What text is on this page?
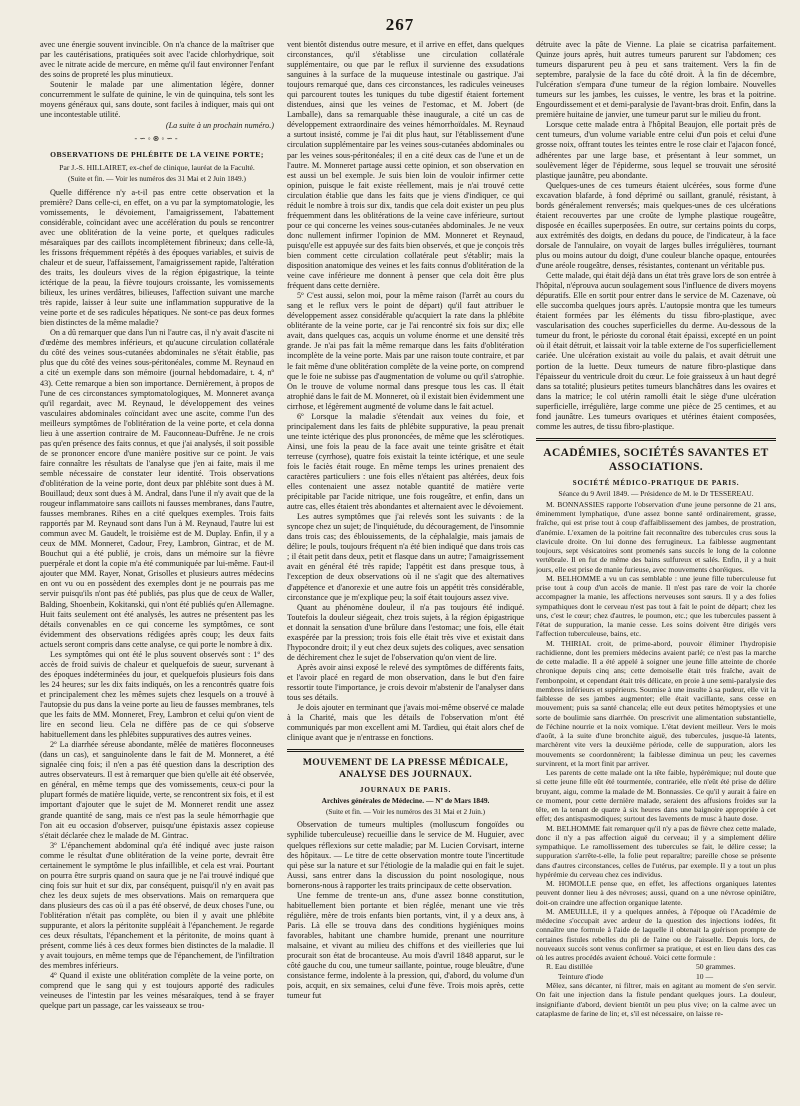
267

avec une énergie souvent invincible. On n'a chance de la maîtriser que par les cautérisations, pratiquées soit avec l'acide chlorhydrique, soit avec le nitrate acide de mercure, en même qu'il faut environner l'enfant des soins de propreté les plus minutieux.

Soutenir le malade par une alimentation légère, donner concurremment le sulfate de quinine, le vin de quinquina, tels sont les moyens généraux qui, sans doute, sont faciles à indiquer, mais qui ont une incontestable utilité.

(La suite à un prochain numéro.)
-∽◦⊛◦∽-
OBSERVATIONS DE PHLÉBITE DE LA VEINE PORTE;
Par J.-S. HILLAIRET, ex-chef de clinique, lauréat de la Faculté.
(Suite et fin. — Voir les numéros des 31 Mai et 2 Juin 1849.)

Quelle différence n'y a-t-il pas entre cette observation et la première? Dans celle-ci, en effet, on a vu par la symptomatologie, les vomissements, le dévoiement, l'amaigrissement, l'abattement considérable, coïncidant avec une accélération du pouls se rencontrer avec une oblitération de la veine porte, et quelques radicules mésaraïques par des caillots incomplètement fibrineux; dans celle-là, les frissons fréquemment répétés à des époques variables, et suivis de chaleur et de sueur, l'affaissement, l'amaigrissement rapide, l'altération des traits, les douleurs vives de la région épigastrique, la teinte ictérique de la peau, la fièvre toujours croissante, les vomissements bilieux, les urines verdâtres, bilieuses, l'affection suivant une marche très rapide, laisser à leur suite une inflammation suppurative de la veine porte et de ses radicules hépatiques. Ne sont-ce pas deux formes bien distinctes de la même maladie?

On a dû remarquer que dans l'un ni l'autre cas, il n'y avait d'ascite ni d'œdème des membres inférieurs, et qu'aucune circulation collatérale du côté des veines sous-cutanées abdominales ne s'était établie, pas plus que du côté des veines sous-péritonéales, comme M. Reynaud en a cité un exemple dans son mémoire (journal hebdomadaire, t. 4, nº 43). Cette remarque a bien son importance. Dernièrement, à propos de l'une de ces circonstances symptomatologiques, M. Monneret avança qu'il regardait, avec M. Reynaud, le développement des veines vasculaires abdominales coïncidant avec une ascite, comme l'un des meilleurs symptômes de l'oblitération de la veine porte, et cela donna lieu à une assertion contraire de M. Fauconneau-Dufrêne. Je ne crois pas qu'en présence des faits connus, et que j'ai analysés, il soit possible de se prononcer encore d'une manière positive sur ce point. Je vais faire connaître les résultats de l'analyse que j'en ai faite, mais il me semble nécessaire de constater leur identité. Trois observations d'oblitération de la veine porte, dont deux par phlébite sont dues à M. Bouillaud; deux sont dues à M. Andral, dans l'une il n'y avait que de la rougeur inflammatoire sans caillots ni fausses membranes, dans l'autre, fausses membranes. Rihes en a cité quelques exemples. Trois faits rapportés par M. Reynaud sont dans l'un à M. Reynaud, l'autre lui est commun avec M. Gaudelt, le troisième est de M. Duplay. Enfin, il y a ceux de MM. Monneret, Cadour, Frey, Lambron, Gintrac, et de M. Bouchut qui a été publié, je crois, dans un mémoire sur la fièvre puerpérale et dont la copie m'a été communiquée par lui-même. Faut-il ajouter que MM. Rayer, Nonat, Grisolles et plusieurs autres médecins en ont vu ou en possèdent des exemples dont je ne pourrais pas me servir puisqu'ils n'ont pas été publiés, pas plus que de ceux de Waller, Balding, Shoenbein, Kokitanski, qui n'ont été publiés qu'en Allemagne. Huit faits seulement ont été analysés, les autres ne présentent pas les détails convenables en ce qui concerne les symptômes, ce sont évidemment des observations rédigées après coup; les deux faits actuels seront compris dans cette analyse, ce qui porte le nombre à dix.

Les symptômes qui ont été le plus souvent observés sont : 1º des accès de froid suivis de chaleur et quelquefois de sueur, survenant à des époques indéterminées du jour, et quelquefois plusieurs fois dans les 24 heures; sur les dix faits indiqués, on les a rencontrés quatre fois et principalement chez les mêmes sujets chez lesquels on a trouvé à l'autopsie du pus dans la veine porte au lieu de fausses membranes, tels que les faits de MM. Monneret, Frey, Lambron et celui qu'on vient de lire en second lieu. Cela ne diffère pas de ce qui s'observe habituellement dans les phlébites suppuratives des autres veines.

2º La diarrhée séreuse abondante, mêlée de matières floconneuses (dans un cas), et sanguinolente dans le fait de M. Monneret, a été signalée cinq fois; il n'en a pas été question dans la description des autres observateurs. Il est à remarquer que bien qu'elle ait été observée, en général, en même temps que des vomissements, ceux-ci pour la plupart formés de matière liquide, verte, se rencontrent six fois, et il est important d'ajouter que le sujet de M. Monneret rendit une assez grande quantité de sang, mais ce n'est pas la seule hémorrhagie que l'on ait eu occasion d'observer, puisqu'une épistaxis assez copieuse s'était déclarée chez le malade de M. Gintrac.

3º L'épanchement abdominal qu'a été indiqué avec juste raison comme le résultat d'une oblitération de la veine porte, devrait être certainement le symptôme le plus infaillible, et cela est vrai. Pourtant on pourra être surpris quand on saura que je ne l'ai trouvé indiqué que cinq fois sur huit et sur dix, par conséquent, puisqu'il n'y en avait pas chez les deux sujets de mes observations. Mais on remarquera que dans plusieurs des cas où il a pas été observé, de deux choses l'une, ou l'oblitération n'était pas complète, ou bien il y avait une phlébite suppurante, et alors la péritonite suppléait à l'épanchement. Je regarde ces deux résultats, l'épanchement et la péritonite, de moins quant à présent, comme liés à ces deux formes bien distinctes de la maladie. Il y avait toujours, en même temps que de l'épanchement, de l'infiltration des membres inférieurs.

4º Quand il existe une oblitération complète de la veine porte, on comprend que le sang qui y est toujours apporté des radicules veineuses de l'intestin par les veines mésaraïques, tend à se frayer quelque part un passage, car les vaisseaux se trou-

vent bientôt distendus outre mesure, et il arrive en effet, dans quelques circonstances, qu'il s'établisse une circulation collatérale supplémentaire, ou que par le reflux il survienne des exsudations sanguines à la surface de la muqueuse intestinale ou gastrique. J'ai toujours remarqué que, dans ces circonstances, les radicules veineuses qui parcourent toutes les tuniques du tube digestif étaient fortement distendues, ainsi que les veines de l'estomac, et M. Jobert (de Lamballe), dans sa remarquable thèse inaugurale, a cité un cas de développement extraordinaire des veines hémorrhoïdales. M. Reynaud a surtout insisté, comme je l'ai dit plus haut, sur l'établissement d'une circulation supplémentaire par les veines sous-cutanées abdominales ou par les veines sous-péritonéales; il en a cité deux cas de l'une et un de l'autre. M. Monneret partage aussi cette opinion, et son observation en est aussi un bel exemple. Je suis bien loin de vouloir infirmer cette opinion, puisque le fait existe réellement, mais je n'ai trouvé cette circulation établie que dans les faits que je viens d'indiquer, ce qui réduit le nombre à trois sur dix, tandis que cela doit exister un peu plus fréquemment dans les oblitérations de la veine cave inférieure, surtout pour ce qui concerne les veines sous-cutanées abdominales. Je ne veux donc nullement infirmer l'opinion de MM. Monneret et Reynaud, puisqu'elle est appuyée sur des faits bien observés, et que je conçois très bien comment cette circulation collatérale peut s'établir; mais la disposition anatomique des veines et les faits connus d'oblitération de la veine cave inférieure me donnent à penser que cela doit être plus fréquent dans cette dernière.

5º C'est aussi, selon moi, pour la même raison (l'arrêt au cours du sang et le reflux vers le point de départ) qu'il faut attribuer le développement assez considérable qu'acquiert la rate dans la phlébite oblitérante de la veine porte, car je l'ai rencontré six fois sur dix; elle avait, dans quelques cas, acquis un volume énorme et une densité très grande. Je n'ai pas fait la même remarque dans les faits d'oblitération incomplète de la veine porte. Mais par une raison toute contraire, et par le fait même d'une oblitération complète de la veine porte, on comprend que le foie ne subisse pas d'augmentation de volume ou qu'il s'atrophie. On le trouve de volume normal dans presque tous les cas. Il était atrophié dans le fait de M. Monneret, où il existait bien évidemment une cirrhose, et légèrement augmenté de volume dans le fait actuel.

6º Lorsque la maladie s'étendait aux veines du foie, et principalement dans les faits de phlébite suppurative, la peau prenait une teinte ictérique des plus prononcées, de même que les sclérotiques. Ainsi, une fois la peau de la face avait une teinte grisâtre et était terreuse (cyrrhose), quatre fois existait la teinte ictérique, et une seule fois le faciès était rouge. En même temps les urines prenaient des caractères particuliers : une fois elles n'étaient pas altérées, deux fois elles contenaient une assez notable quantité de matière verte précipitable par l'acide nitrique, une fois rougeâtre, et enfin, dans un autre cas, elles étaient très abondantes et alternaient avec le dévoiement.

Les autres symptômes que j'ai relevés sont les suivants : de la syncope chez un sujet; de l'inquiétude, du découragement, de l'insomnie dans trois cas; des éblouissements, de la céphalalgie, mais jamais de délire; le pouls, toujours fréquent n'a été bien indiqué que dans trois cas ; il était petit dans deux, petit et flasque dans un autre; l'amaigrissement avait en général été très rapide; l'appétit est dans presque tous, à l'exception de deux observations où il ne s'agit que des alternatives d'appétence et d'anorexie et une autre fois un appétit très considérable, circonstance que je m'explique peu; la soif était toujours assez vive.

Quant au phénomène douleur, il n'a pas toujours été indiqué. Toutefois la douleur siégeait, chez trois sujets, à la région épigastrique et donnait la sensation d'une brûlure dans l'estomac; une fois, elle était exaspérée par la pression; trois fois elle était très vive et existait dans l'hypocondre droit; il y eut chez deux sujets des coliques, avec sensation de déchirement chez le sujet de l'observation qu'on vient de lire.

Après avoir ainsi exposé le relevé des symptômes de différents faits, et l'avoir placé en regard de mon observation, dans le but d'en faire ressortir toute l'importance, je crois devoir m'abstenir de l'analyser dans tous ses détails.

Je dois ajouter en terminant que j'avais moi-même observé ce malade à la Charité, mais que les détails de l'observation m'ont été communiqués par mon excellent ami M. Tardieu, qui était alors chef de clinique avant que je n'entrasse en fonctions.

MOUVEMENT DE LA PRESSE MÉDICALE, ANALYSE DES JOURNAUX.
JOURNAUX DE PARIS.
Archives générales de Médecine. — Nº de Mars 1849.
(Suite et fin. — Voir les numéros des 31 Mai et 2 Juin.)

Observation de tumeurs multiples (molluscum fongoïdes ou syphilide tuberculeuse) recueillie dans le service de M. Huguier, avec quelques réflexions sur cette maladie; par M. Lucien Corvisart, interne des hôpitaux. — Le titre de cette observation montre toute l'incertitude qui pèse sur la nature et sur l'étiologie de la maladie qui en fait le sujet. Aussi, sans entrer dans la discussion du point nosologique, nous bornerons-nous à rapporter les traits principaux de cette observation.

Une femme de trente-un ans, d'une assez bonne constitution, habituellement bien portante et bien réglée, menant une vie très régulière, mère de trois enfants bien portants, vint, il y a deux ans, à Paris. Là elle se trouva dans des conditions hygiéniques moins favorables, habitant une chambre humide, prenant une nourriture malsaine, et vivant au milieu des chiffons et des vieilleries que lui procurait son état de brocanteuse. Au mois d'avril 1848 apparut, sur le côté gauche du cou, une tumeur saillante, pointue, rouge bleuâtre, d'une consistance ferme, indolente à la pression, qui, d'abord, du volume d'un pois, acquit, en six semaines, celui d'une fève. Trois mois après, cette tumeur fut

détruite avec la pâte de Vienne. La plaie se cicatrisa parfaitement. Quinze jours après, huit autres tumeurs parurent sur l'abdomen; ces tumeurs disparurent peu à peu et sans traitement. Vers la fin de septembre, paralysie de la face du côté droit. À la fin de décembre, l'ulcération s'empara d'une tumeur de la région lombaire. Nouvelles tumeurs sur les jambes, les cuisses, le ventre, les bras et la poitrine. Engourdissement et et demi-paralysie de l'avant-bras droit. Enfin, dans la première huitaine de janvier, une tumeur parut sur le milieu du front.

Lorsque cette malade entra à l'hôpital Beaujon, elle portait près de cent tumeurs, d'un volume variable entre celui d'un pois et celui d'une grosse noix, offrant toutes les teintes entre le rose clair et l'ajacon foncé, adhérentes par une large base, et présentant à leur sommet, un soulèvement léger de l'épiderme, sous lequel se trouvait une sérosité plastique jaunâtre, peu abondante.

Quelques-unes de ces tumeurs étaient ulcérées, sous forme d'une excavation blafarde, à fond déprimé ou saillant, granulé, résistant, à bords généralement renversés; mais quelques-unes de ces ulcérations étaient recouvertes par une croûte de lymphe plastique rougeâtre, disposée en écailles superposées. En outre, sur certains points du corps, aux extrémités des doigts, en dedans du pouce, de l'indicateur, à la face dorsale de l'annulaire, on voyait de larges bulles irrégulières, tournant plus ou moins autour du doigt, d'une couleur blanche opaque, entourées d'une aréole rougeâtre, denses, résistantes, contenant un véritable pus.

Cette malade, qui était déjà dans un état très grave lors de son entrée à l'hôpital, n'éprouva aucun soulagement sous l'influence de divers moyens dépuratifs. Elle en sortit pour entrer dans le service de M. Cazenave, où elle succomba quelques jours après. L'autopsie montra que les tumeurs étaient formées par les éléments du tissu fibro-plastique, avec vascularisation des couches superficielles du derme. Au-dessous de la tumeur du front, le périoste du coronal était épaissi, excepté en un point où il était détruit, et laissait voir la table externe de l'os superficiellement cariée. Une ulcération existait au voile du palais, et avait détruit une portion de la luette. Deux tumeurs de nature fibro-plastique dans l'épaisseur du ventricule droit du cœur. Le foie graisseux à un haut degré dans sa totalité; plusieurs petites tumeurs blanchâtres dans les ovaires et dans la matrice; le col utérin ramolli était le siège d'une ulcération superficielle, irrégulière, large comme une pièce de 25 centimes, et au fond jaunâtre. Les tumeurs ovariques et utérines étaient composées, comme les autres, de tissu fibro-plastique.

ACADÉMIES, SOCIÉTÉS SAVANTES ET ASSOCIATIONS.
SOCIÉTÉ MÉDICO-PRATIQUE DE PARIS.
Séance du 9 Avril 1849. — Présidence de M. le Dr TESSEREAU.

M. BONNASSIES rapporte l'observation d'une jeune personne de 21 ans, éminemment lymphatique, d'une assez bonne santé ordinairement, grasse, fraîche, qui est prise tout à coup d'affaiblissement des jambes, de prostration, d'anémie. L'examen de la poitrine fait reconnaître des tubercules crus sous la clavicule droite. On lui donne des ferrugineux. La faiblesse augmentant toujours, sept vésicatoires sont promenés sans succès le long de la colonne vertébrale. Il en fut de même des bains sulfureux et salés. Enfin, il y a huit jours, elle est prise de manie furieuse, avec mouvements choréiques.

M. BELHOMME a vu un cas semblable : une jeune fille tuberculeuse fut prise tout à coup d'un accès de manie. Il n'est pas rare de voir la chorée accompagner la manie, les affections nerveuses sont sœurs. Il y a des folies sympathiques dont le cerveau n'est pas tout à fait le point de départ; chez les uns, c'est le cœur; chez d'autres, le poumon, etc.; que les tubercules passent à l'état de suppuration, la manie cesse. Les soins doivent être dirigés vers l'affection tuberculeuse, bains, etc.

M. THIRIAL croit, de prime-abord, pouvoir éliminer l'hydropisie rachidienne, dont les premiers médecins avaient parlé; ce n'est pas la marche de cette maladie. Il a été appelé à soigner une jeune fille atteinte de chorée chronique depuis cinq ans; cette demoiselle était très fraîche, avait de l'embonpoint, et cependant était très délicate, en proie à une semi-paralysie des membres inférieurs et supérieurs. Soumise à une insulte à sa pudeur, elle vit la faiblesse de ses jambes augmenter; elle était vacillante, sans cesse en mouvement; puis sa santé chancela; elle eut deux petites hémoptysies et une sorte de boulimie sans diarrhée. On prescrivit une alimentation substantielle, de l'échine nourrie et la noix vomique. L'état devient meilleur. Vers le mois d'août, à la suite d'une bronchite aiguë, des tubercules, jusque-là latents, marchèrent vite vers la deuxième période, celle de suppuration, alors les mouvements se coordonnèrent; la faiblesse diminua un peu; les cavernes survinrent, et la mort finit par arriver.

Les parents de cette malade ont la tête faible, hypérémique; nul doute que si cette jeune fille eût été tourmentée, contrariée, elle n'eût été prise de délire bruyant, aigu, comme la malade de M. Bonnassies. Ce qu'il y aurait à faire en ce moment, pour cette dernière malade, seraient des affusions froides sur la tête, en la tenant de quatre à six heures dans une baignoire appropriée à cet effet; des antispasmodiques; surtout des lavements de musc à haute dose.

M. BELHOMME fait remarquer qu'il n'y a pas de fièvre chez cette malade, donc il n'y a pas affection aiguë du cerveau; il y a simplement délire sympathique. Le ramollissement des tubercules se fait, le délire cesse; la suppuration s'arrête-t-elle, la folie peut reparaître; pareille chose se présente dans d'autres circonstances, celles de l'utérus, par exemple. Il y a tout un plus hypérémie du cerveau chez ces individus.

M. HOMOLLE pense que, en effet, les affections organiques latentes peuvent donner lieu à des névroses; aussi, quand on a une névrose opiniâtre, doit-on craindre une affection organique latente.

M. AMEUILLE, il y a quelques années, à l'époque où l'Académie de médecine s'occupait avec ardeur de la question des injections iodées, fit connaître une formule à l'aide de laquelle il obtenait la guérison prompte de certaines fistules rebelles du pli de l'aine ou de l'aisselle. Depuis lors, de nouveaux succès sont venus confirmer sa pratique, et est en lieu dans des cas où les autres procédés avaient échoué. Voici cette formule :

R. Eau distillée	50 grammes.
Teinture d'iode	10 —

Mêlez, sans décanter, ni filtrer, mais en agitant au moment de s'en servir. On fait une injection dans la fistule pendant quelques jours. La douleur, insignifiante d'abord, devient bientôt un peu plus vive; on la calme avec un cataplasme de farine de lin; et, s'il est nécessaire, on laisse re-
